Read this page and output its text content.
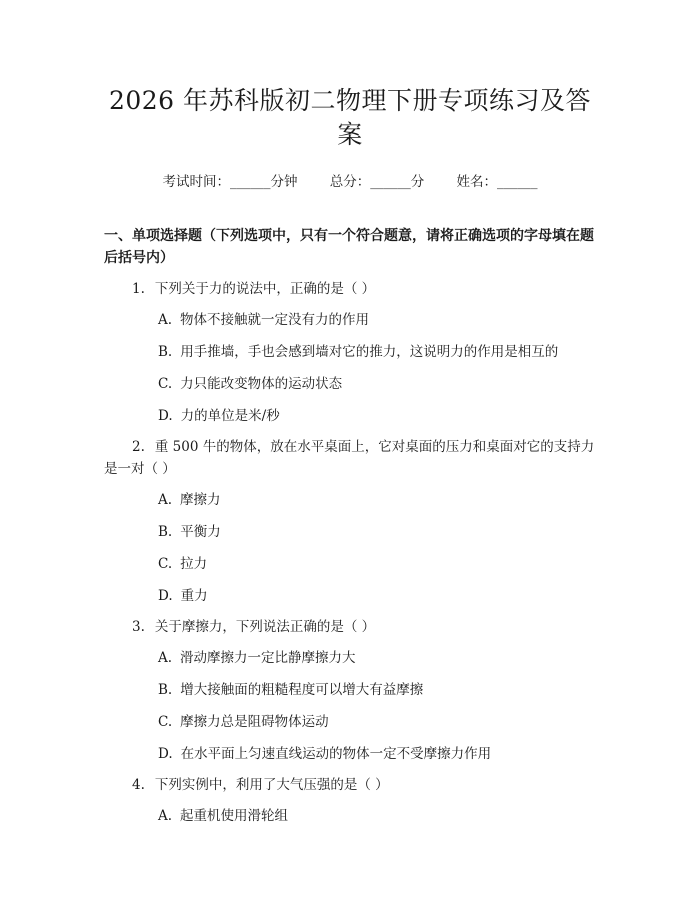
2026 年苏科版初二物理下册专项练习及答案
考试时间：______分钟 总分：______分 姓名：______
一、单项选择题（下列选项中，只有一个符合题意，请将正确选项的字母填在题后括号内）
1. 下列关于力的说法中，正确的是（ ）
A. 物体不接触就一定没有力的作用
B. 用手推墙，手也会感到墙对它的推力，这说明力的作用是相互的
C. 力只能改变物体的运动状态
D. 力的单位是米/秒
2. 重 500 牛的物体，放在水平桌面上，它对桌面的压力和桌面对它的支持力是一对（ ）
A. 摩擦力
B. 平衡力
C. 拉力
D. 重力
3. 关于摩擦力，下列说法正确的是（ ）
A. 滑动摩擦力一定比静摩擦力大
B. 增大接触面的粗糙程度可以增大有益摩擦
C. 摩擦力总是阻碍物体运动
D. 在水平面上匀速直线运动的物体一定不受摩擦力作用
4. 下列实例中，利用了大气压强的是（ ）
A. 起重机使用滑轮组
